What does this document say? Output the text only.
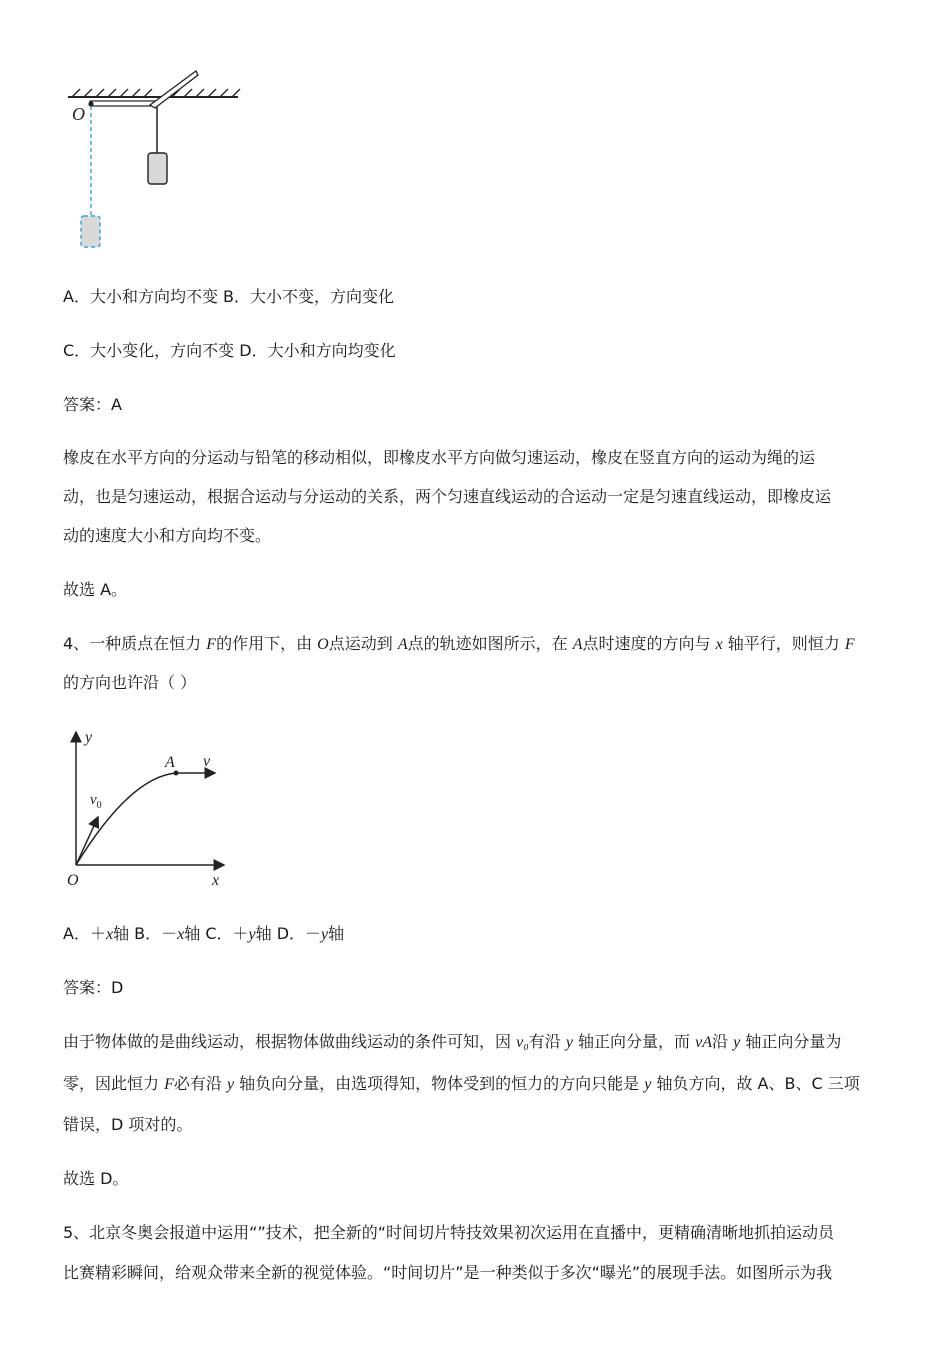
O
A．大小和方向均不变 B．大小不变，方向变化
C．大小变化，方向不变 D．大小和方向均变化
答案：A
橡皮在水平方向的分运动与铅笔的移动相似，即橡皮水平方向做匀速运动，橡皮在竖直方向的运动为绳的运
动，也是匀速运动，根据合运动与分运动的关系，两个匀速直线运动的合运动一定是匀速直线运动，即橡皮运
动的速度大小和方向均不变。
故选 A。
4、一种质点在恒力 F的作用下，由 O点运动到 A点的轨迹如图所示，在 A点时速度的方向与 x 轴平行，则恒力 F
的方向也许沿（ ）
y
A v
$v_0$
O	x
A．＋x轴 B．－x轴 C．＋y轴 D．－y轴
答案：D
由于物体做的是曲线运动，根据物体做曲线运动的条件可知，因 v₀有沿 y 轴正向分量，而 vA沿 y 轴正向分量为
零，因此恒力 F必有沿 y 轴负向分量，由选项得知，物体受到的恒力的方向只能是 y 轴负方向，故 A、B、C 三项
错误，D 项对的。
故选 D。
5、北京冬奥会报道中运用“”技术，把全新的“时间切片特技效果初次运用在直播中，更精确清晰地抓拍运动员
比赛精彩瞬间，给观众带来全新的视觉体验。“时间切片”是一种类似于多次“曝光”的展现手法。如图所示为我
